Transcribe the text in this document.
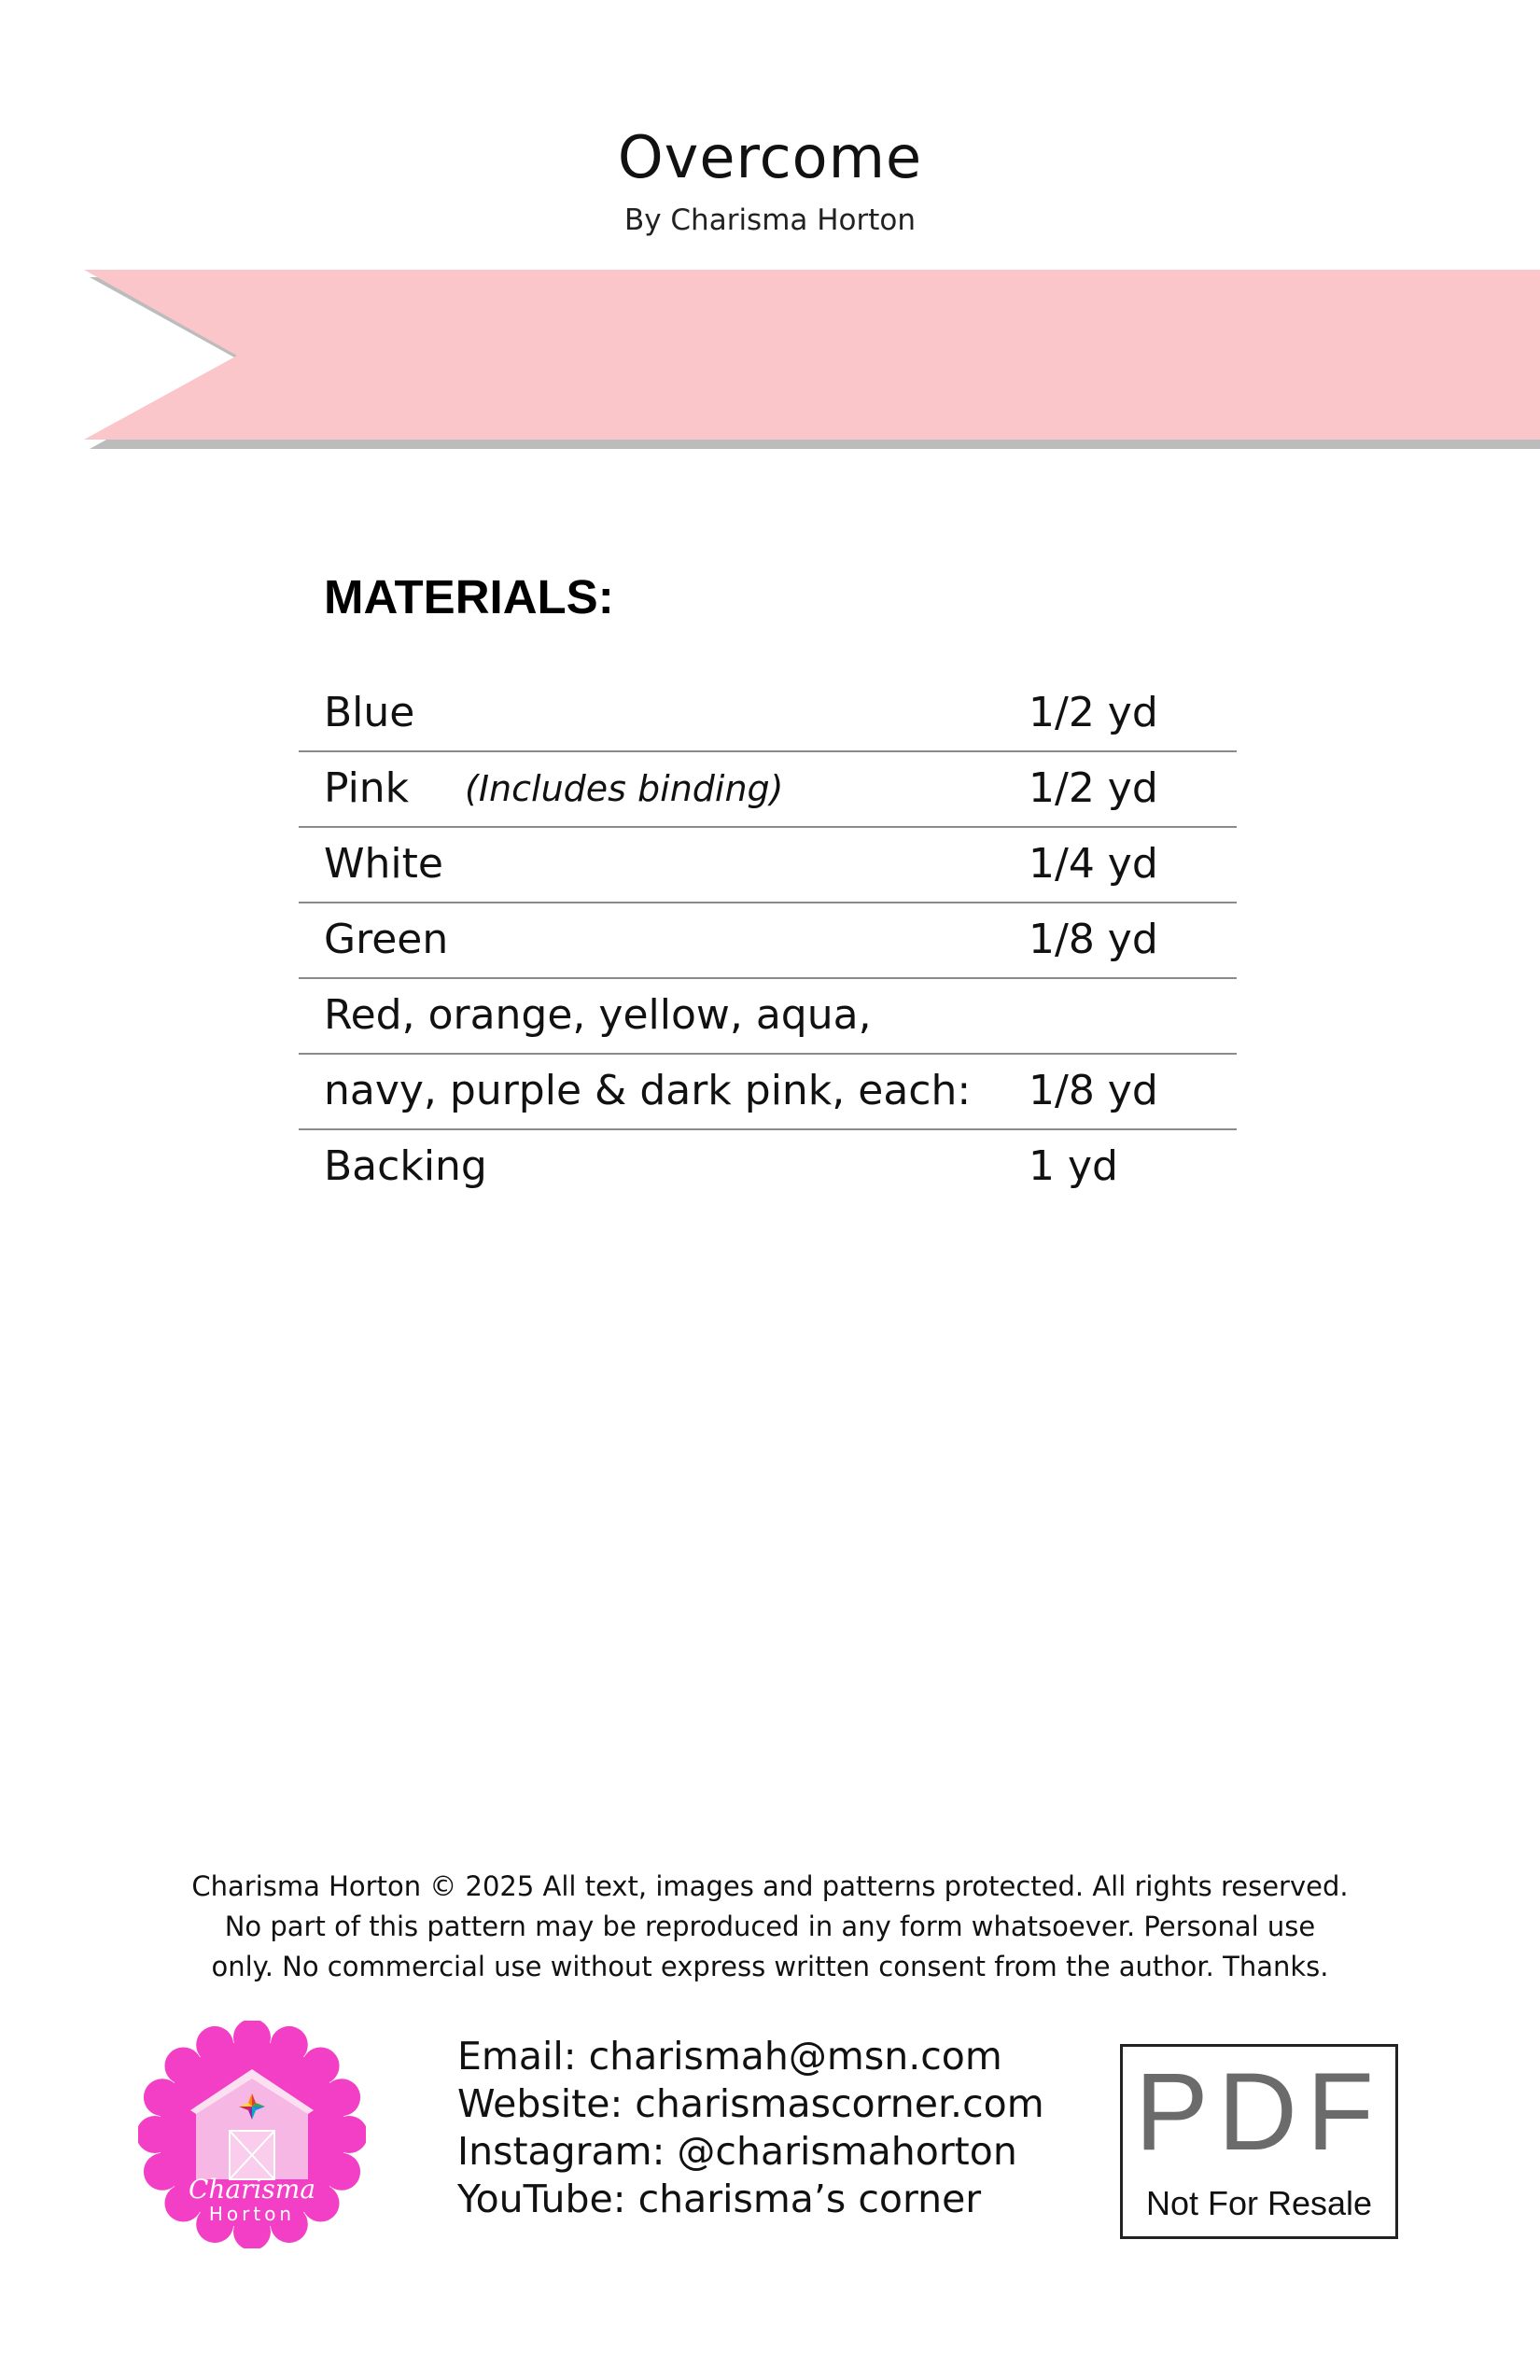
Overcome
By Charisma Horton
MATERIALS:
Blue	1/2 yd
Pink (Includes binding)	1/2 yd
White	1/4 yd
Green	1/8 yd
Red, orange, yellow, aqua,
navy, purple & dark pink, each: 1/8 yd
Backing	1 yd
Charisma Horton © 2025 All text, images and patterns protected. All rights reserved.
No part of this pattern may be reproduced in any form whatsoever. Personal use
only. No commercial use without express written consent from the author. Thanks.
Charisma
Horton
Email: charismah@msn.com
Website: charismascorner.com
Instagram: @charismahorton
YouTube: charisma’s corner
PDF
Not For Resale
